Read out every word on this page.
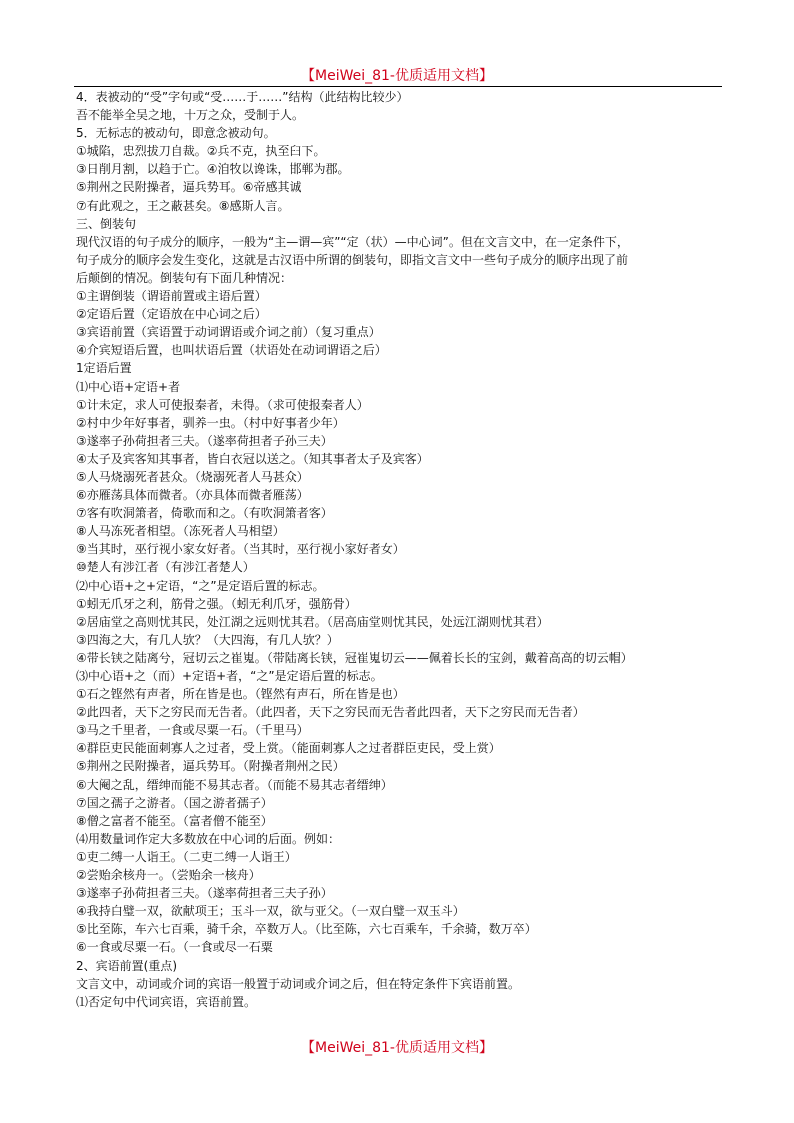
【MeiWei_81-优质适用文档】
4．表被动的“受”字句或“受……于……”结构（此结构比较少）
吾不能举全吴之地，十万之众，受制于人。
5．无标志的被动句，即意念被动句。
①城陷，忠烈拔刀自裁。②兵不克，执至臼下。
③日削月割，以趋于亡。④洎牧以谗诛，邯郸为郡。
⑤荆州之民附操者，逼兵势耳。⑥帝感其诚
⑦有此观之，王之蔽甚矣。⑧感斯人言。
三、倒装句
现代汉语的句子成分的顺序，一般为“主—谓—宾”“定（状）—中心词”。但在文言文中，在一定条件下，
句子成分的顺序会发生变化，这就是古汉语中所谓的倒装句，即指文言文中一些句子成分的顺序出现了前
后颠倒的情况。倒装句有下面几种情况：
①主谓倒装（谓语前置或主语后置）
②定语后置（定语放在中心词之后）
③宾语前置（宾语置于动词谓语或介词之前）（复习重点）
④介宾短语后置，也叫状语后置（状语处在动词谓语之后）
1定语后置
⑴中心语+定语+者
①计未定，求人可使报秦者，未得。（求可使报秦者人）
②村中少年好事者，驯养一虫。（村中好事者少年）
③遂率子孙荷担者三夫。（遂率荷担者子孙三夫）
④太子及宾客知其事者，皆白衣冠以送之。（知其事者太子及宾客）
⑤人马烧溺死者甚众。（烧溺死者人马甚众）
⑥亦雁荡具体而微者。（亦具体而微者雁荡）
⑦客有吹洞箫者，倚歌而和之。（有吹洞箫者客）
⑧人马冻死者相望。（冻死者人马相望）
⑨当其时，巫行视小家女好者。（当其时，巫行视小家好者女）
⑩楚人有涉江者（有涉江者楚人）
⑵中心语+之+定语，“之”是定语后置的标志。
①蚓无爪牙之利，筋骨之强。（蚓无利爪牙，强筋骨）
②居庙堂之高则忧其民，处江湖之远则忧其君。（居高庙堂则忧其民，处远江湖则忧其君）
③四海之大，有几人欤？（大四海，有几人欤？）
④带长铗之陆离兮，冠切云之崔嵬。（带陆离长铗，冠崔嵬切云——佩着长长的宝剑，戴着高高的切云帽）
⑶中心语+之（而）+定语+者，“之”是定语后置的标志。
①石之铿然有声者，所在皆是也。（铿然有声石，所在皆是也）
②此四者，天下之穷民而无告者。（此四者，天下之穷民而无告者此四者，天下之穷民而无告者）
③马之千里者，一食或尽粟一石。（千里马）
④群臣吏民能面刺寡人之过者，受上赏。（能面刺寡人之过者群臣吏民，受上赏）
⑤荆州之民附操者，逼兵势耳。（附操者荆州之民）
⑥大阉之乱，缙绅而能不易其志者。（而能不易其志者缙绅）
⑦国之孺子之游者。（国之游者孺子）
⑧僧之富者不能至。（富者僧不能至）
⑷用数量词作定大多数放在中心词的后面。例如：
①吏二缚一人诣王。（二吏二缚一人诣王）
②尝贻余核舟一。（尝贻余一核舟）
③遂率子孙荷担者三夫。（遂率荷担者三夫子孙）
④我持白璧一双，欲献项王；玉斗一双，欲与亚父。（一双白璧一双玉斗）
⑤比至陈，车六七百乘，骑千余，卒数万人。（比至陈，六七百乘车，千余骑，数万卒）
⑥一食或尽粟一石。（一食或尽一石粟
2、宾语前置(重点)
文言文中，动词或介词的宾语一般置于动词或介词之后，但在特定条件下宾语前置。
⑴否定句中代词宾语，宾语前置。
【MeiWei_81-优质适用文档】
